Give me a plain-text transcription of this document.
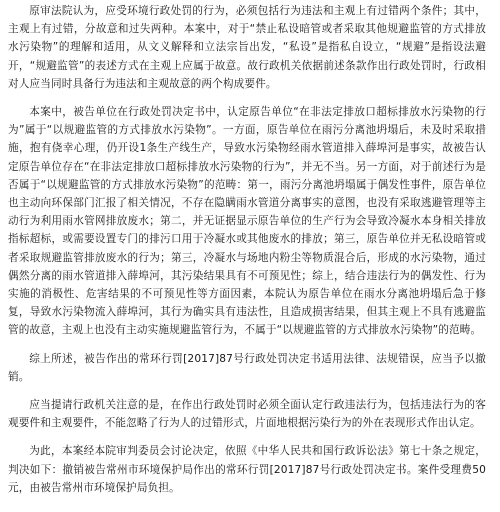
原审法院认为，应受环境行政处罚的行为，必须包括行为违法和主观上有过错两个条件；其中，主观上有过错，分故意和过失两种。本案中，对于“禁止私设暗管或者采取其他规避监管的方式排放水污染物”的理解和适用，从文义解释和立法宗旨出发，“私设”是指私自设立，“规避”是指设法避开，“规避监管”的表述方式在主观上应属于故意。故行政机关依据前述条款作出行政处罚时，行政相对人应当同时具备行为违法和主观故意的两个构成要件。

本案中，被告单位在行政处罚决定书中，认定原告单位“在非法定排放口超标排放水污染物的行为”属于“以规避监管的方式排放水污染物”。一方面，原告单位在雨污分离池坍塌后，未及时采取措施，抱有侥幸心理，仍开设1条生产线生产，导致水污染物经雨水管道排入薛埠河是事实，故被告认定原告单位存在“在非法定排放口超标排放水污染物的行为”，并无不当。另一方面，对于前述行为是否属于“以规避监管的方式排放水污染物”的范畴：第一，雨污分离池坍塌属于偶发性事件，原告单位也主动向环保部门汇报了相关情况，不存在隐瞒雨水管道分离事实的意图，也没有采取逃避管理等主动行为利用雨水管网排放废水；第二，并无证据显示原告单位的生产行为会导致冷凝水本身相关排放指标超标，或需要设置专门的排污口用于冷凝水或其他废水的排放；第三，原告单位并无私设暗管或者采取规避监管排放废水的行为；第三，冷凝水与场地内粉尘等物质混合后，形成的水污染物，通过偶然分离的雨水管道排入薛埠河，其污染结果具有不可预见性；综上，结合违法行为的偶发性、行为实施的消极性、危害结果的不可预见性等方面因素，本院认为原告单位在雨水分离池坍塌后急于修复，导致水污染物流入薛埠河，其行为确实具有违法性，且造成损害结果，但其主观上不具有逃避监管的故意，主观上也没有主动实施规避监管行为，不属于“以规避监管的方式排放水污染物”的范畴。

综上所述，被告作出的常环行罚[2017]87号行政处罚决定书适用法律、法规错误，应当予以撤销。

应当提请行政机关注意的是，在作出行政处罚时必须全面认定行政违法行为，包括违法行为的客观要件和主观要件，不能忽略了行为人的过错形式，片面地根据污染行为的外在表现形式作出认定。

为此，本案经本院审判委员会讨论决定，依照《中华人民共和国行政诉讼法》第七十条之规定，判决如下：撤销被告常州市环境保护局作出的常环行罚[2017]87号行政处罚决定书。案件受理费50元，由被告常州市环境保护局负担。
